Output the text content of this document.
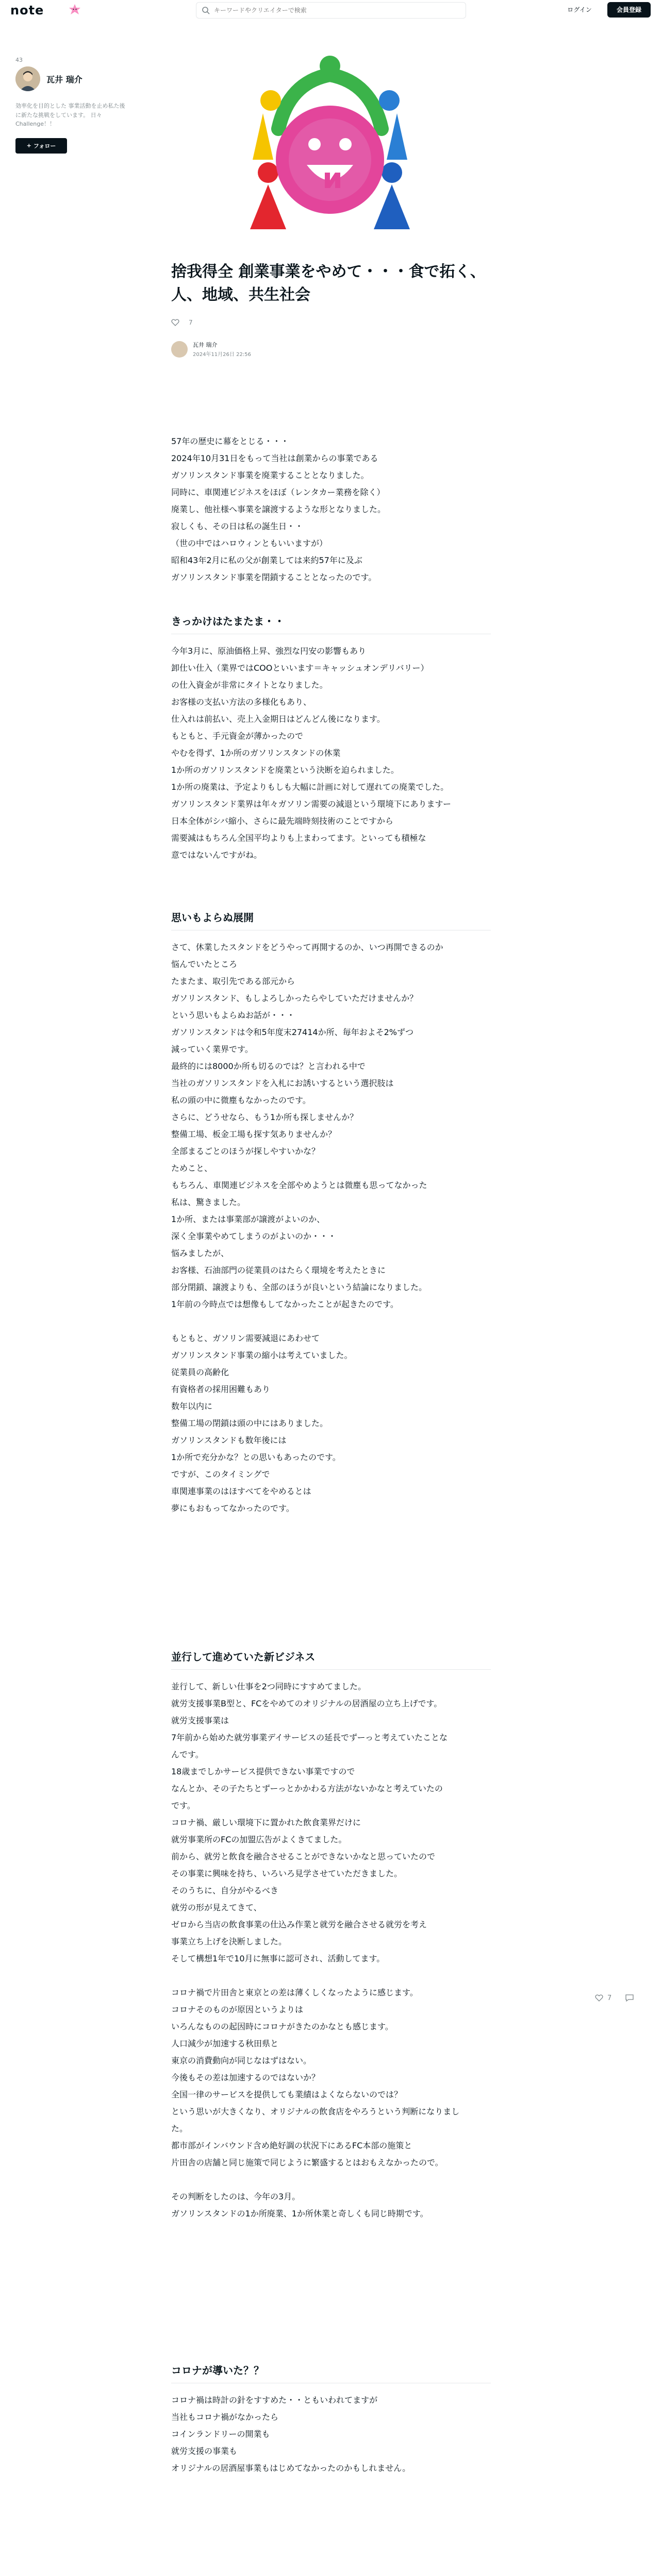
note
キーワードやクリエイターで検索	ログイン	会員登録
43
瓦井 瑞介
効率化を目的とした 事業活動を止め私た後に新たな挑戦をしています。 日々 Challenge！！
+ フォロー
捨我得全 創業事業をやめて・・・食で拓く、
人、地域、共生社会
7
瓦井 瑞介
2024年11月26日 22:56
57年の歴史に幕をとじる・・・
2024年10月31日をもって当社は創業からの事業である
ガソリンスタンド事業を廃業することとなりました。
同時に、車関連ビジネスをほぼ（レンタカー業務を除く）
廃業し、他社様へ事業を譲渡するような形となりました。
寂しくも、その日は私の誕生日・・
（世の中ではハロウィンともいいますが）
昭和43年2月に私の父が創業しては来約57年に及ぶ
ガソリンスタンド事業を閉鎖することとなったのです。
きっかけはたまたま・・
今年3月に、原油価格上昇、強烈な円安の影響もあり
卸仕い仕入（業界ではCOOといいます＝キャッシュオンデリバリー）
の仕入資金が非常にタイトとなりました。
お客様の支払い方法の多様化もあり、
仕入れは前払い、売上入金期日はどんどん後になります。
もともと、手元資金が薄かったので
やむを得ず、1か所のガソリンスタンドの休業
1か所のガソリンスタンドを廃業という決断を迫られました。
1か所の廃業は、予定よりもしも大幅に計画に対して遅れての廃業でした。
ガソリンスタンド業界は年々ガソリン需要の減退という環境下にありますー
日本全体がシバ縮小、さらに最先端時刻技術のことですから
需要減はもちろん全国平均よりも上まわってます。といっても積極な
意ではないんですがね。
思いもよらぬ展開
さて、休業したスタンドをどうやって再開するのか、いつ再開できるのか
悩んでいたところ
たまたま、取引先である部元から
ガソリンスタンド、もしよろしかったらやしていただけませんか？
という思いもよらぬお話が・・・
ガソリンスタンドは令和5年度末27414か所、毎年およそ2%ずつ
減っていく業界です。
最終的には8000か所も切るのでは？と言われる中で
当社のガソリンスタンドを入札にお誘いするという選択肢は
私の頭の中に微塵もなかったのです。
さらに、どうせなら、もう1か所も探しませんか？
整備工場、板金工場も探す気ありませんか？
全部まるごとのほうが探しやすいかな？
ためこと、
もちろん、車関連ビジネスを全部やめようとは微塵も思ってなかった
私は、驚きました。
1か所、または事業部が譲渡がよいのか、
深く全事業やめてしまうのがよいのか・・・
悩みましたが、
お客様、石油部門の従業員のはたらく環境を考えたときに
部分閉鎖、譲渡よりも、全部のほうが良いという結論になりました。
1年前の今時点では想像もしてなかったことが起きたのです。
もともと、ガソリン需要減退にあわせて
ガソリンスタンド事業の縮小は考えていました。
従業員の高齢化
有資格者の採用困難もあり
数年以内に
整備工場の閉鎖は頭の中にはありました。
ガソリンスタンドも数年後には
1か所で充分かな？との思いもあったのです。
ですが、このタイミングで
車関連事業のはほすべてをやめるとは
夢にもおもってなかったのです。
並行して進めていた新ビジネス
並行して、新しい仕事を2つ同時にすすめてました。
就労支援事業B型と、FCをやめてのオリジナルの居酒屋の立ち上げです。
就労支援事業は
7年前から始めた就労事業デイサービスの延長でずーっと考えていたことな
んです。
18歳までしかサービス提供できない事業ですので
なんとか、その子たちとずーっとかかわる方法がないかなと考えていたの
です。
コロナ禍、厳しい環境下に置かれた飲食業界だけに
就労事業所のFCの加盟広告がよくきてました。
前から、就労と飲食を融合させることができないかなと思っていたので
その事業に興味を持ち、いろいろ見学させていただきました。
そのうちに、自分がやるべき
就労の形が見えてきて、
ゼロから当店の飲食事業の仕込み作業と就労を融合させる就労を考え
事業立ち上げを決断しました。
そして構想1年で10月に無事に認可され、活動してます。
コロナ禍で片田舎と東京との差は薄くしくなったように感じます。
コロナそのものが原因というよりは
いろんなものの起因時にコロナがきたのかなとも感じます。
人口減少が加速する秋田県と
東京の消費動向が同じなはずはない。
今後もその差は加速するのではないか？
全国一律のサービスを提供しても業績はよくならないのでは？
という思いが大きくなり、オリジナルの飲食店をやろうという判断になりまし
た。
都市部がインバウンド含め絶好調の状況下にあるFC本部の施策と
片田舎の店舗と同じ施策で同じように繁盛するとはおもえなかったので。
その判断をしたのは、今年の3月。
ガソリンスタンドの1か所廃業、1か所休業と奇しくも同じ時期です。
コロナが導いた？？
コロナ禍は時計の針をすすめた・・ともいわれてますが
当社もコロナ禍がなかったら
コインランドリーの開業も
就労支援の事業も
オリジナルの居酒屋事業もはじめてなかったのかもしれません。
7
